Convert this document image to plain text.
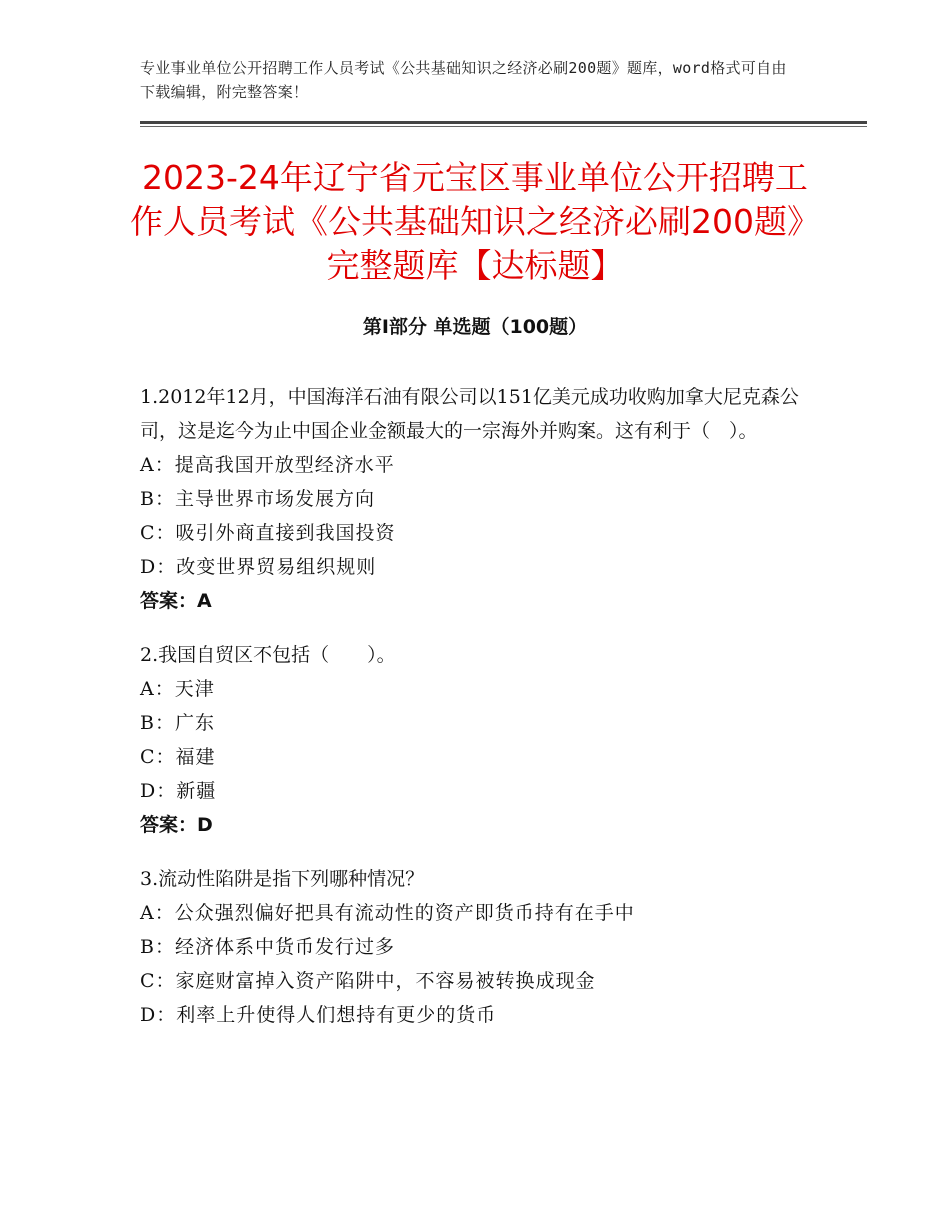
专业事业单位公开招聘工作人员考试《公共基础知识之经济必刷200题》题库，word格式可自由下载编辑，附完整答案！
2023-24年辽宁省元宝区事业单位公开招聘工作人员考试《公共基础知识之经济必刷200题》完整题库【达标题】
第Ⅰ部分 单选题（100题）
1.2012年12月，中国海洋石油有限公司以151亿美元成功收购加拿大尼克森公司，这是迄今为止中国企业金额最大的一宗海外并购案。这有利于（　）。
A：提高我国开放型经济水平
B：主导世界市场发展方向
C：吸引外商直接到我国投资
D：改变世界贸易组织规则
答案：A
2.我国自贸区不包括（　　）。
A：天津
B：广东
C：福建
D：新疆
答案：D
3.流动性陷阱是指下列哪种情况？
A：公众强烈偏好把具有流动性的资产即货币持有在手中
B：经济体系中货币发行过多
C：家庭财富掉入资产陷阱中，不容易被转换成现金
D：利率上升使得人们想持有更少的货币
